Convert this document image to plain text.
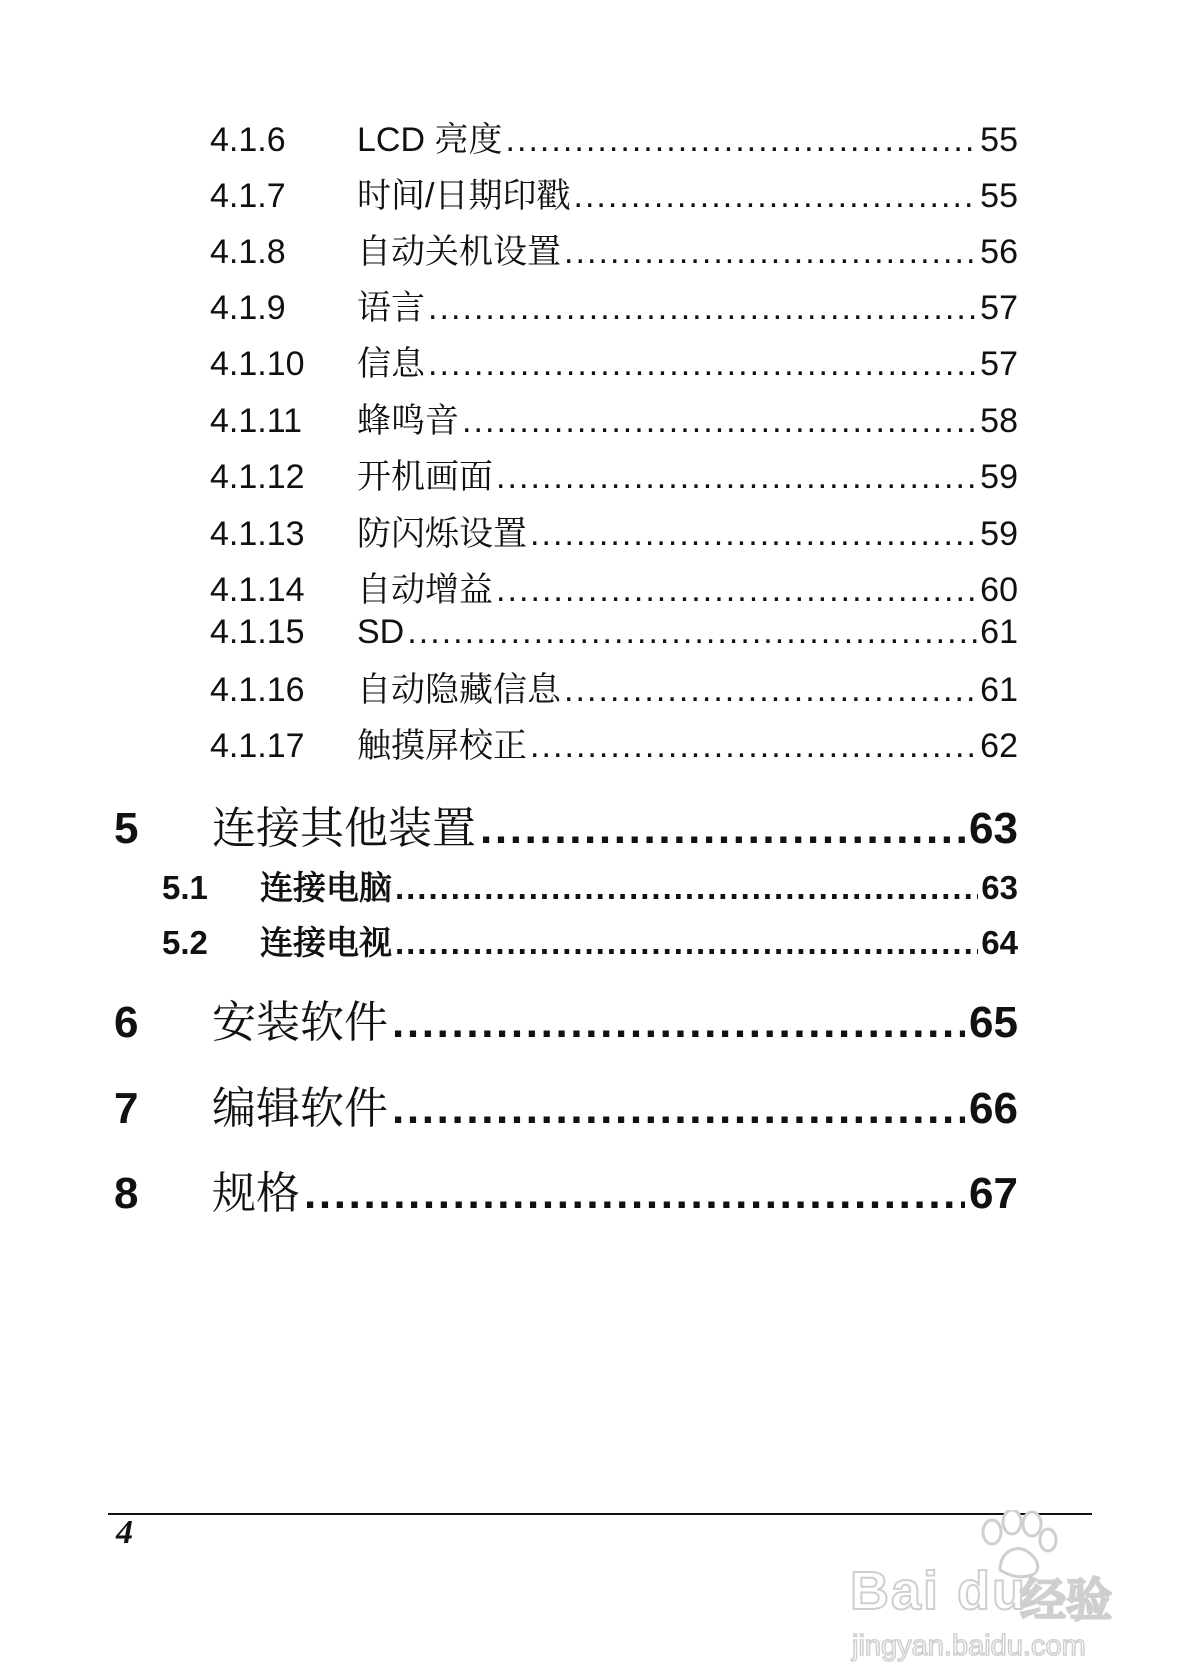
4.1.6	LCD 亮度 .....	55
4.1.7	时间/日期印戳 .....	55
4.1.8	自动关机设置 .....	56
4.1.9	语言 .....	57
4.1.10	信息 .....	57
4.1.11	蜂鸣音 .....	58
4.1.12	开机画面 .....	59
4.1.13	防闪烁设置 .....	59
4.1.14	自动增益 .....	60
4.1.15	SD .....	61
4.1.16	自动隐藏信息 .....	61
4.1.17	触摸屏校正 .....	62
5	连接其他装置 .....	63
5.1	连接电脑 .....	63
5.2	连接电视 .....	64
6	安装软件 .....	65
7	编辑软件 .....	66
8	规格 .....	67
4
Bai du
经验
jingyan.baidu.com
